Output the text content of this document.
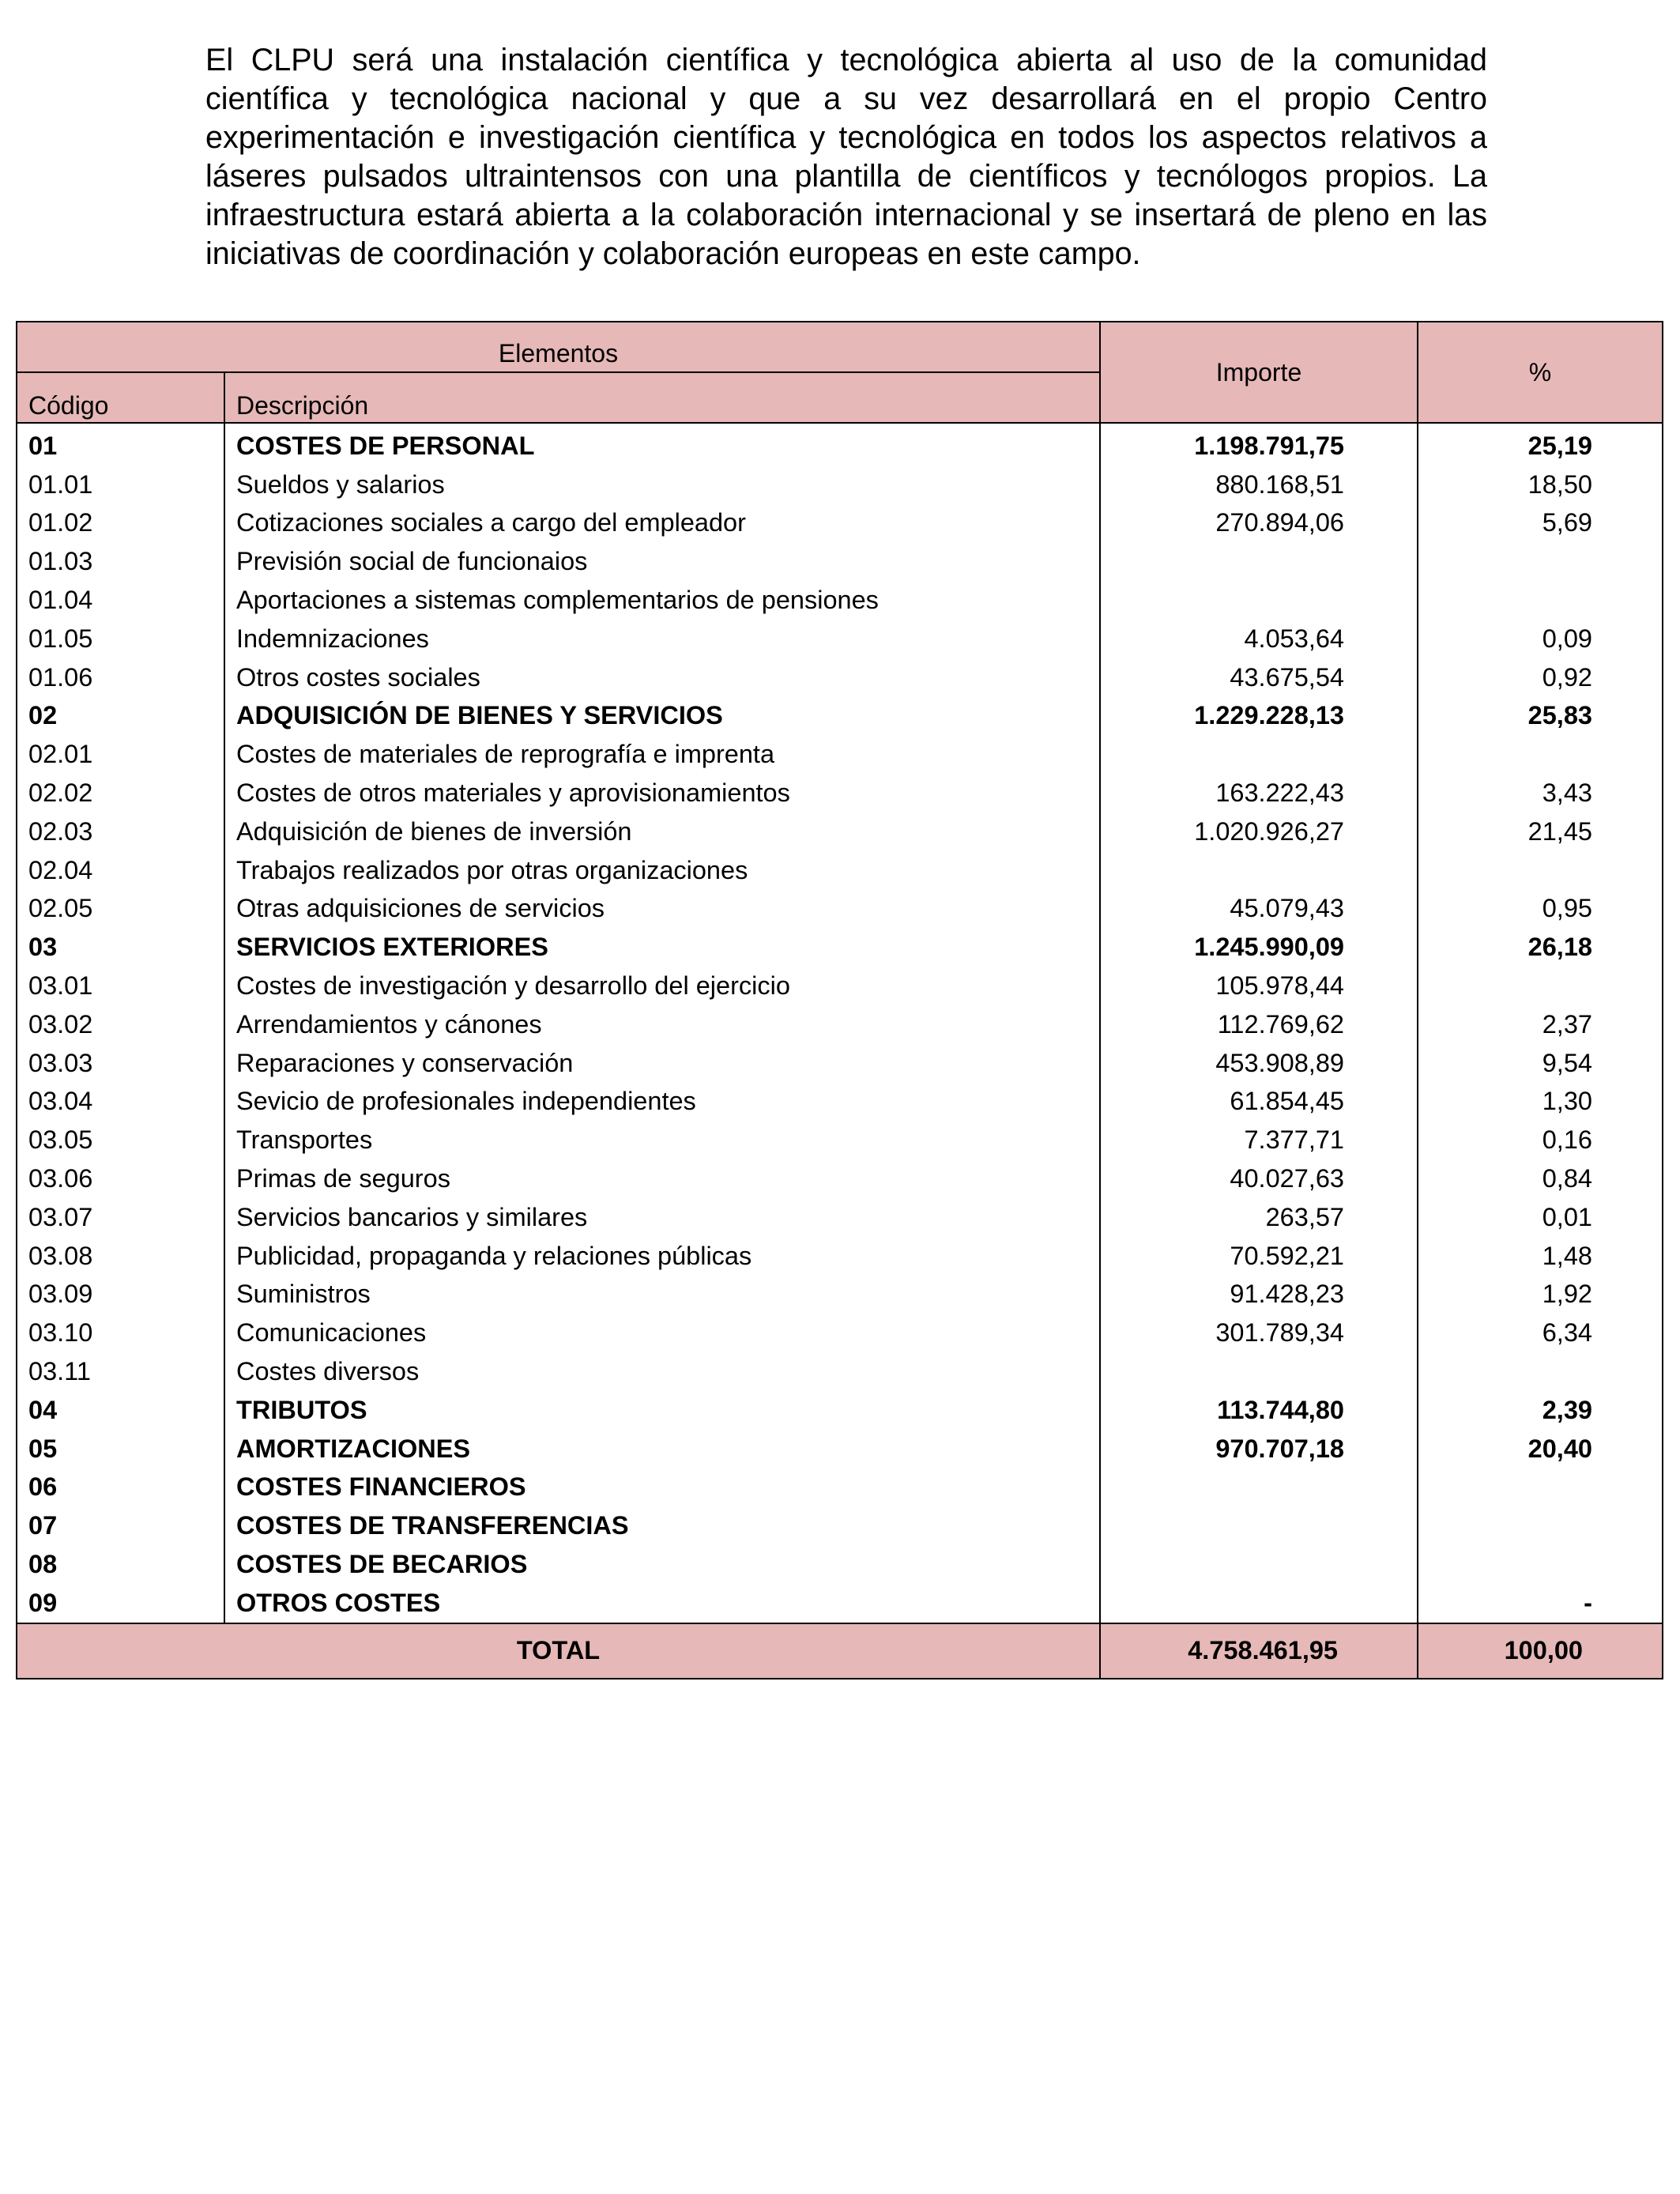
El CLPU será una instalación científica y tecnológica abierta al uso de la comunidad científica y tecnológica nacional y que a su vez desarrollará en el propio Centro experimentación e investigación científica y tecnológica en todos los aspectos relativos a láseres pulsados ultraintensos con una plantilla de científicos y tecnólogos propios. La infraestructura estará abierta a la colaboración internacional y se insertará de pleno en las iniciativas de coordinación y colaboración europeas en este campo.

Elementos		Importe	%
Código	Descripción		
01	COSTES DE PERSONAL	1.198.791,75	25,19
01.01	Sueldos y salarios	880.168,51	18,50
01.02	Cotizaciones sociales a cargo del empleador	270.894,06	5,69
01.03	Previsión social de funcionaios		
01.04	Aportaciones a sistemas complementarios de pensiones		
01.05	Indemnizaciones	4.053,64	0,09
01.06	Otros costes sociales	43.675,54	0,92
02	ADQUISICIÓN DE BIENES Y SERVICIOS	1.229.228,13	25,83
02.01	Costes de materiales de reprografía e imprenta		
02.02	Costes de otros materiales y aprovisionamientos	163.222,43	3,43
02.03	Adquisición de bienes de inversión	1.020.926,27	21,45
02.04	Trabajos realizados por otras organizaciones		
02.05	Otras adquisiciones de servicios	45.079,43	0,95
03	SERVICIOS EXTERIORES	1.245.990,09	26,18
03.01	Costes de investigación y desarrollo del ejercicio	105.978,44	
03.02	Arrendamientos y cánones	112.769,62	2,37
03.03	Reparaciones y conservación	453.908,89	9,54
03.04	Sevicio de profesionales independientes	61.854,45	1,30
03.05	Transportes	7.377,71	0,16
03.06	Primas de seguros	40.027,63	0,84
03.07	Servicios bancarios y similares	263,57	0,01
03.08	Publicidad, propaganda y relaciones públicas	70.592,21	1,48
03.09	Suministros	91.428,23	1,92
03.10	Comunicaciones	301.789,34	6,34
03.11	Costes diversos		
04	TRIBUTOS	113.744,80	2,39
05	AMORTIZACIONES	970.707,18	20,40
06	COSTES FINANCIEROS		
07	COSTES DE TRANSFERENCIAS		
08	COSTES DE BECARIOS		
09	OTROS COSTES		-
TOTAL		4.758.461,95	100,00
